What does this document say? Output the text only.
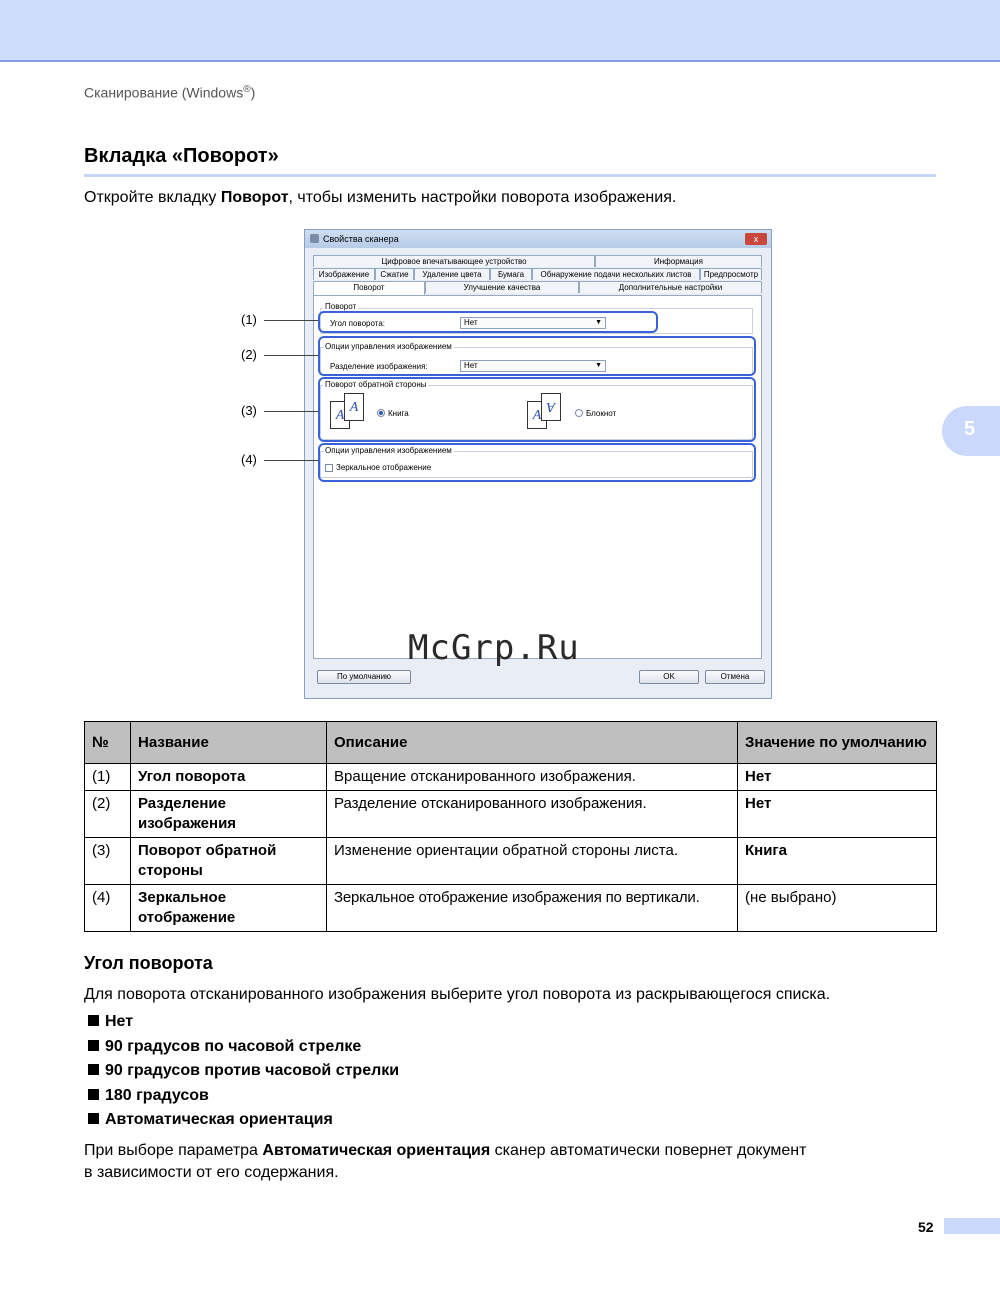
Сканирование (Windows®)
Вкладка «Поворот»
Откройте вкладку Поворот, чтобы изменить настройки поворота изображения.
5
Свойства сканера	x
Цифровое впечатывающее устройство	Информация
Изображение	Сжатие	Удаление цвета	Бумага	Обнаружение подачи нескольких листов	Предпросмотр
Поворот	Улучшение качества	Дополнительные настройки
Поворот
Угол поворота:	Нет	▼
Опции управления изображением
Разделение изображения:	Нет	▼
Поворот обратной стороны
A
A	Книга	A
A	Блокнот
Опции управления изображением
Зеркальное отображение
По умолчанию	OK	Отмена
(1)
(2)
(3)
(4)
McGrp.Ru
№	Название	Описание	Значение по умолчанию
(1)	Угол поворота	Вращение отсканированного изображения.	Нет
(2)	Разделение изображения	Разделение отсканированного изображения.	Нет
(3)	Поворот обратной стороны	Изменение ориентации обратной стороны листа.	Книга
(4)	Зеркальное отображение	Зеркальное отображение изображения по вертикали.	(не выбрано)
Угол поворота
Для поворота отсканированного изображения выберите угол поворота из раскрывающегося списка.
Нет
90 градусов по часовой стрелке
90 градусов против часовой стрелки
180 градусов
Автоматическая ориентация
При выборе параметра Автоматическая ориентация сканер автоматически повернет документ
в зависимости от его содержания.
52
